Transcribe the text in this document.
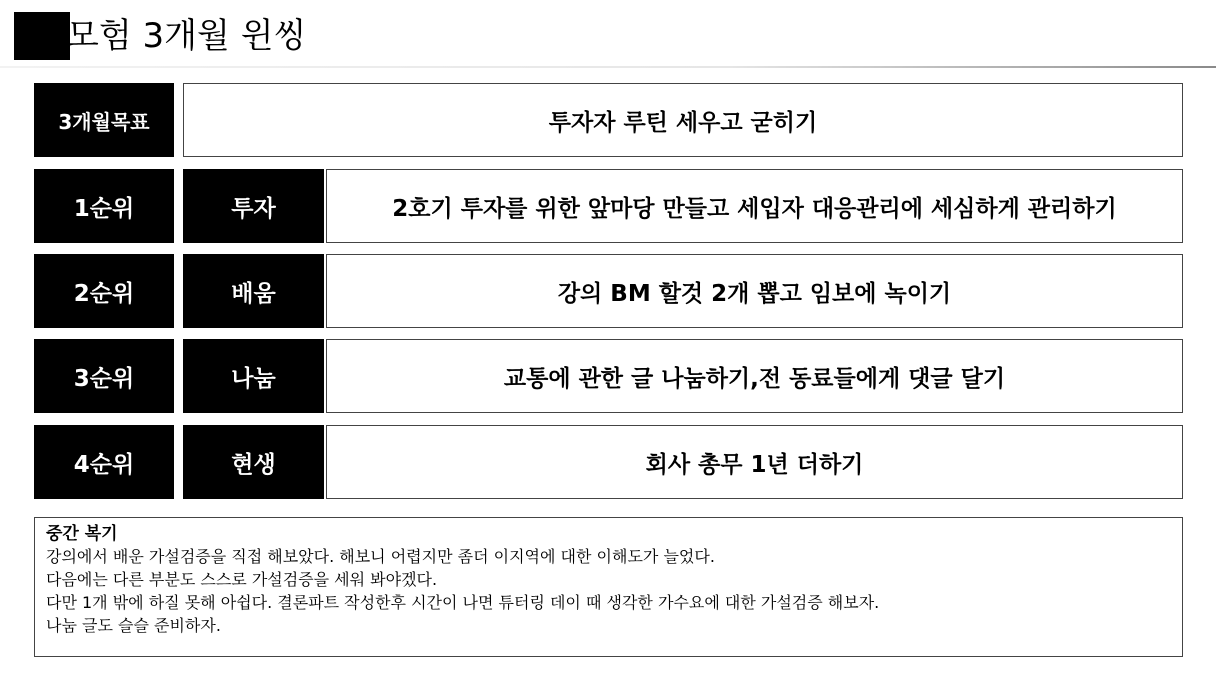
모험 3개월 윈씽
3개월목표	투자자 루틴 세우고 굳히기
1순위	투자	2호기 투자를 위한 앞마당 만들고 세입자 대응관리에 세심하게 관리하기
2순위	배움	강의 BM 할것 2개 뽑고 임보에 녹이기
3순위	나눔	교통에 관한 글 나눔하기,전 동료들에게 댓글 달기
4순위	현생	회사 총무 1년 더하기
중간 복기
강의에서 배운 가설검증을 직접 해보았다. 해보니 어렵지만 좀더 이지역에 대한 이해도가 늘었다.
다음에는 다른 부분도 스스로 가설검증을 세워 봐야겠다.
다만 1개 밖에 하질 못해 아쉽다. 결론파트 작성한후 시간이 나면 튜터링 데이 때 생각한 가수요에 대한 가설검증 해보자.
나눔 글도 슬슬 준비하자.
